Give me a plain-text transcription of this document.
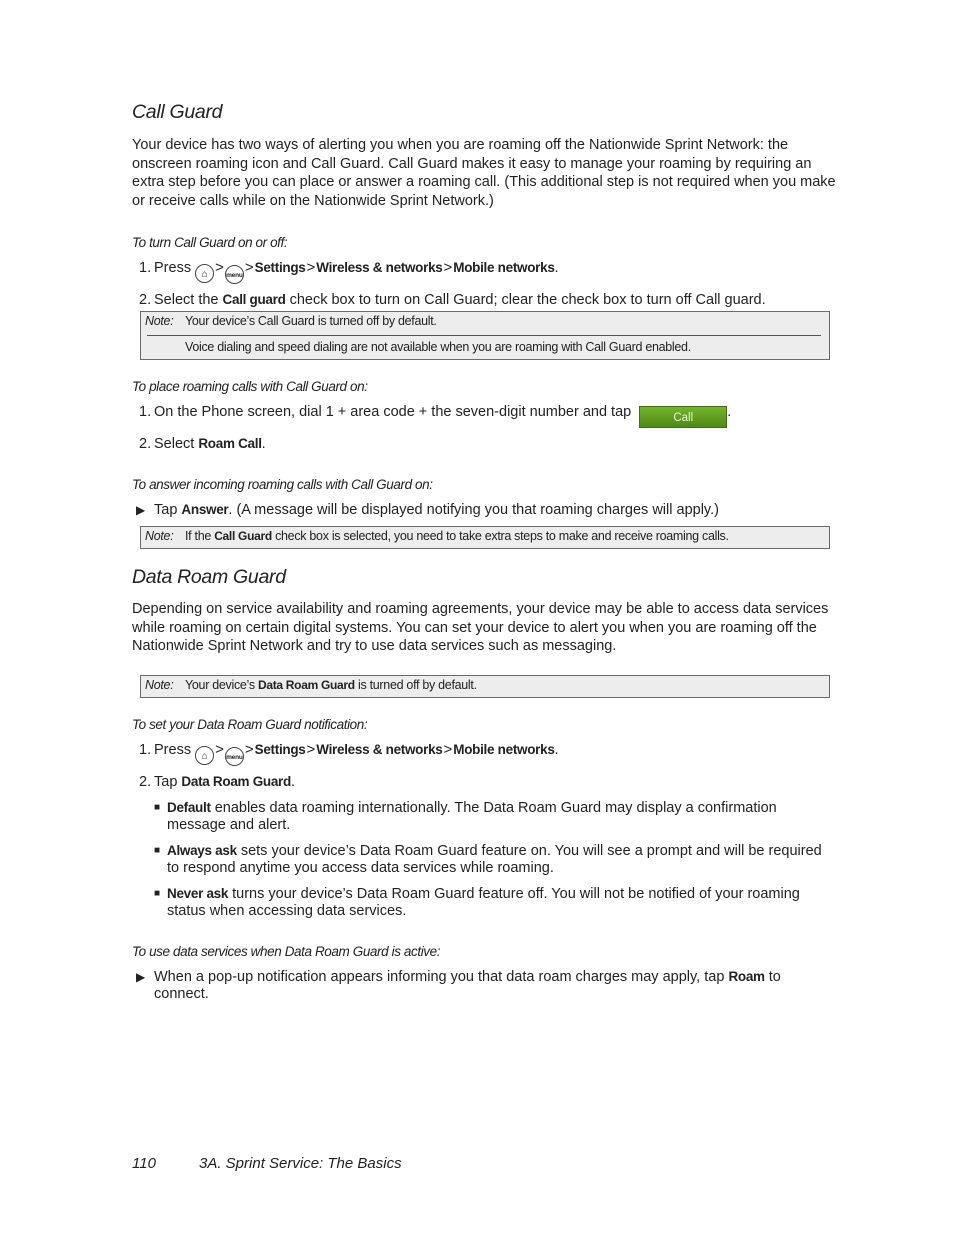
Call Guard

Your device has two ways of alerting you when you are roaming off the Nationwide Sprint Network: the onscreen roaming icon and Call Guard. Call Guard makes it easy to manage your roaming by requiring an extra step before you can place or answer a roaming call. (This additional step is not required when you make or receive calls while on the Nationwide Sprint Network.)

To turn Call Guard on or off:

1. Press ⌂ > menu >Settings>Wireless & networks>Mobile networks.
2. Select the Call guard check box to turn on Call Guard; clear the check box to turn off Call guard.
Note: Your device’s Call Guard is turned off by default.
Voice dialing and speed dialing are not available when you are roaming with Call Guard enabled.

To place roaming calls with Call Guard on:

1. On the Phone screen, dial 1 + area code + the seven-digit number and tap	Call .
2. Select Roam Call.

To answer incoming roaming calls with Call Guard on:

▶ Tap Answer. (A message will be displayed notifying you that roaming charges will apply.)
Note: If the Call Guard check box is selected, you need to take extra steps to make and receive roaming calls.
Data Roam Guard

Depending on service availability and roaming agreements, your device may be able to access data services while roaming on certain digital systems. You can set your device to alert you when you are roaming off the Nationwide Sprint Network and try to use data services such as messaging.

Note: Your device’s Data Roam Guard is turned off by default.

To set your Data Roam Guard notification:

1. Press ⌂ > menu >Settings>Wireless & networks>Mobile networks.
2. Tap Data Roam Guard.
■ Default enables data roaming internationally. The Data Roam Guard may display a confirmation message and alert.
■ Always ask sets your device’s Data Roam Guard feature on. You will see a prompt and will be required to respond anytime you access data services while roaming.
■ Never ask turns your device’s Data Roam Guard feature off. You will not be notified of your roaming status when accessing data services.

To use data services when Data Roam Guard is active:

▶ When a pop-up notification appears informing you that data roam charges may apply, tap Roam to connect.
110	3A. Sprint Service: The Basics
